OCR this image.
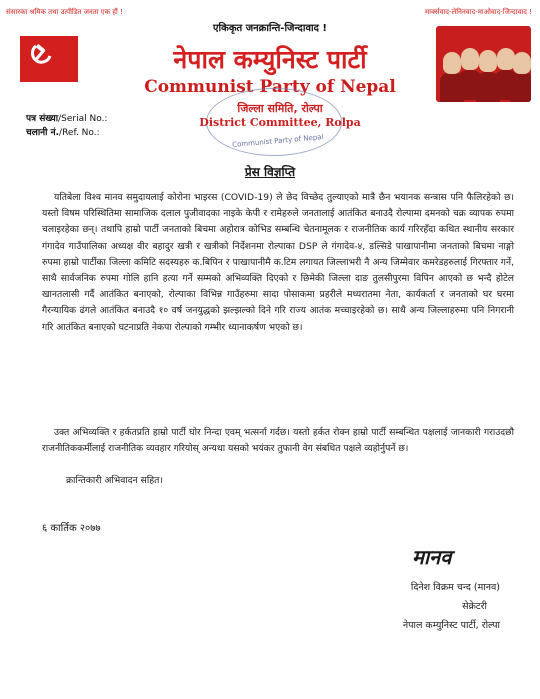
संसारका श्रमिक तथा उत्पीडित जनता एक हौं !	मार्क्सवाद-लेनिनवाद-माओवाद-जिन्दावाद !
एकिकृत जनक्रान्ति-जिन्दावाद !
नेपाल कम्युनिस्ट पार्टी
Communist Party of Nepal
Communist Party of Nepal
जिल्ला समिति, रोल्पा
District Committee, Rolpa
पत्र संख्या/Serial No.:
चलानी नं./Ref. No.:
प्रेस विज्ञप्ति

यतिबेला विश्व मानव समुदायलाई कोरोना भाइरस (COVID-19) ले छेद विच्छेद तुल्याएको मात्रै छैन भयानक सन्त्रास पनि फैलिरहेको छ। यस्तो विषम परिस्थितिमा सामाजिक दलाल पुजीवादका नाइके केपी र रामेहरुले जनतालाई आतंकित बनाउदै रोल्पामा दमनको चक्र व्यापक रुपमा चलाइरहेका छन्। तथापि हाम्रो पार्टी जनताको बिचमा अहोरात्र कोभिड सम्बन्धि चेतनामूलक र राजनीतिक कार्य गरिरहँदा कथित स्थानीय सरकार गंगादेव गाउँपालिका अध्यक्ष वीर बहादुर खत्री र खत्रीको निर्देशनमा रोल्पाका DSP ले गंगादेव-४, डल्सिडे पाखापानीमा जनताको बिचमा नाङ्गो रुपमा हाम्रो पार्टीका जिल्ला कमिटि सदस्यहरु क.बिपिन र पाखापानीमै क.टिम लगायत जिल्लाभरी नै अन्य जिम्मेवार कमरेडहरुलाई गिरफ्तार गर्ने, साथै सार्वजनिक रुपमा गोलि हानि हत्या गर्ने सम्मको अभिव्यक्ति दिएको र छिमेकी जिल्ला दाङ तुलसीपुरमा विपिन आएको छ भन्दै होटेल खानतलासी गर्दै आतंकित बनाएको, रोल्पाका विभिन्न गाउँहरुमा सादा पोसाकमा प्रहरीले मध्यरातमा नेता, कार्यकर्ता र जनताको घर घरमा गैरन्यायिक ढंगले आतंकित बनाउदै १० वर्ष जनयुद्धको झल्झल्को दिने गरि राज्य आतंक मच्चाइरहेको छ। साथै अन्य जिल्लाहरुमा पनि निगरानी गरि आतंकित बनाएको घटनाप्रति नेकपा रोल्पाको गम्भीर ध्यानाकर्षण भएको छ।

उक्त अभिव्यक्ति र हर्कतप्रति हाम्रो पार्टी घोर निन्दा एवम् भत्सर्ना गर्दछ। यस्तो हर्कत रोक्न हाम्रो पार्टी सम्बन्धित पक्षलाई जानकारी गराउदछौ राजनीतिककर्मीलाई राजनीतिक व्यवहार गरियोस् अन्यथा यसको भयंकर तुफानी वेग संबधित पक्षले व्यहोर्नुपर्ने छ।

क्रान्तिकारी अभिवादन सहित।

६ कार्तिक २०७७
मानव
दिनेश विक्रम चन्द (मानव)
सेक्रेटरी
नेपाल कम्युनिस्ट पार्टी, रोल्पा
